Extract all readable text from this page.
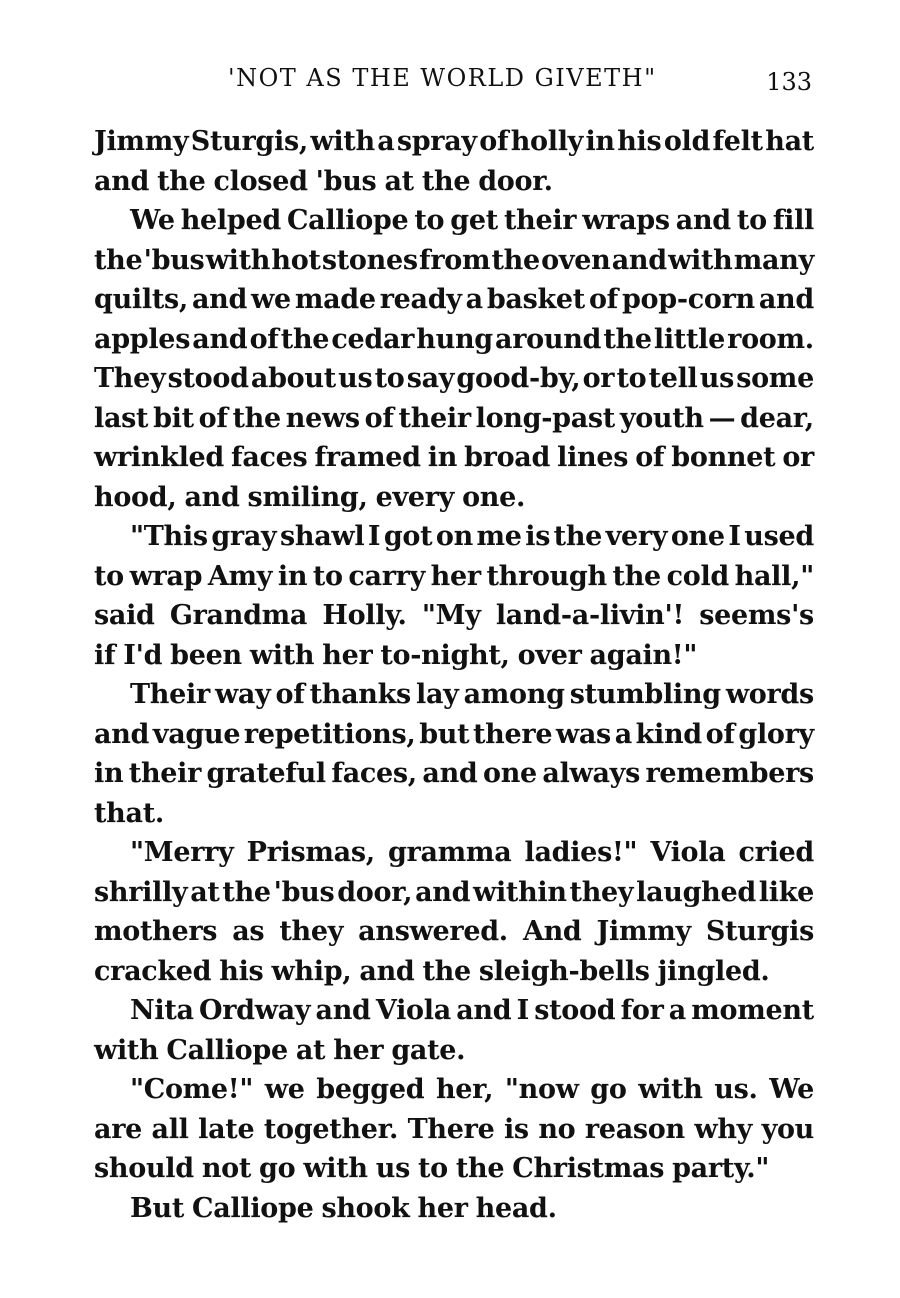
'NOT AS THE WORLD GIVETH"	133
Jimmy Sturgis, with a spray of holly in his old felt hat
and the closed 'bus at the door.
We helped Calliope to get their wraps and to fill
the 'bus with hot stones from the oven and with many
quilts, and we made ready a basket of pop-corn and
apples and of the cedar hung around the little room.
They stood about us to say good-by, or to tell us some
last bit of the news of their long-past youth — dear,
wrinkled faces framed in broad lines of bonnet or
hood, and smiling, every one.
"This gray shawl I got on me is the very one I used
to wrap Amy in to carry her through the cold hall,"
said Grandma Holly. "My land-a-livin'! seems's
if I'd been with her to-night, over again!"
Their way of thanks lay among stumbling words
and vague repetitions, but there was a kind of glory
in their grateful faces, and one always remembers
that.
"Merry Prismas, gramma ladies!" Viola cried
shrilly at the 'bus door, and within they laughed like
mothers as they answered. And Jimmy Sturgis
cracked his whip, and the sleigh-bells jingled.
Nita Ordway and Viola and I stood for a moment
with Calliope at her gate.
"Come!" we begged her, "now go with us. We
are all late together. There is no reason why you
should not go with us to the Christmas party."
But Calliope shook her head.
